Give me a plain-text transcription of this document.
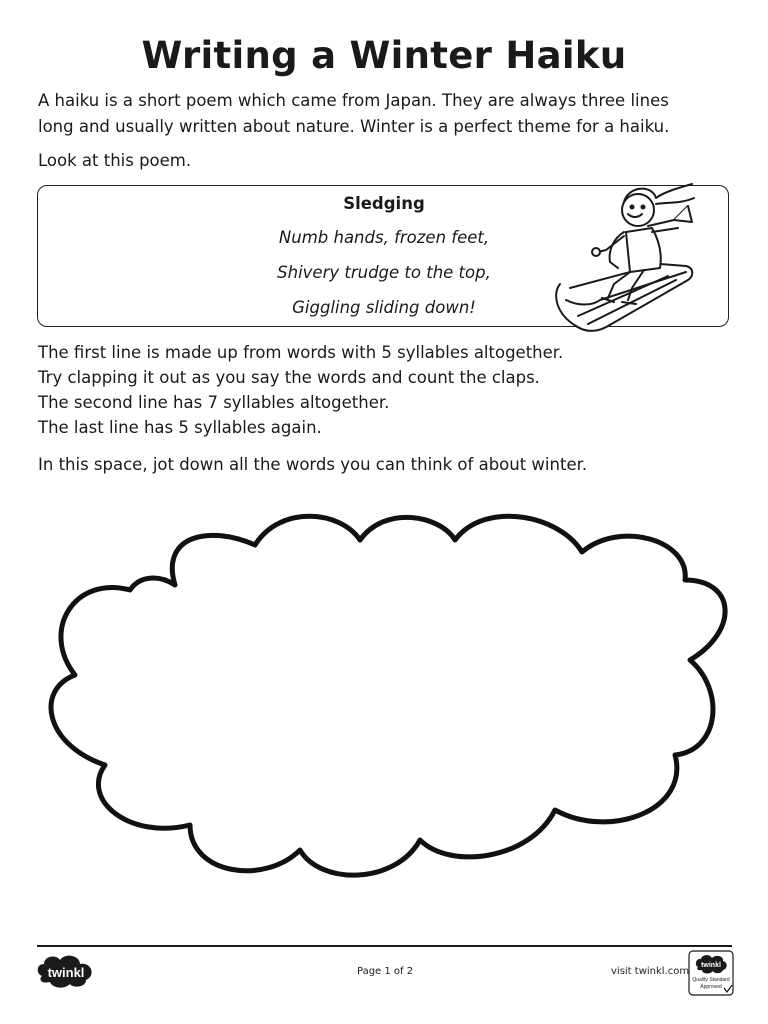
Writing a Winter Haiku
A haiku is a short poem which came from Japan. They are always three lines
long and usually written about nature. Winter is a perfect theme for a haiku.
Look at this poem.
Sledging
Numb hands, frozen feet,
Shivery trudge to the top,
Giggling sliding down!
The first line is made up from words with 5 syllables altogether.
Try clapping it out as you say the words and count the claps.
The second line has 7 syllables altogether.
The last line has 5 syllables again.
In this space, jot down all the words you can think of about winter.
twinkl	Page 1 of 2	visit twinkl.com
twinkl
Quality Standard
Approved
